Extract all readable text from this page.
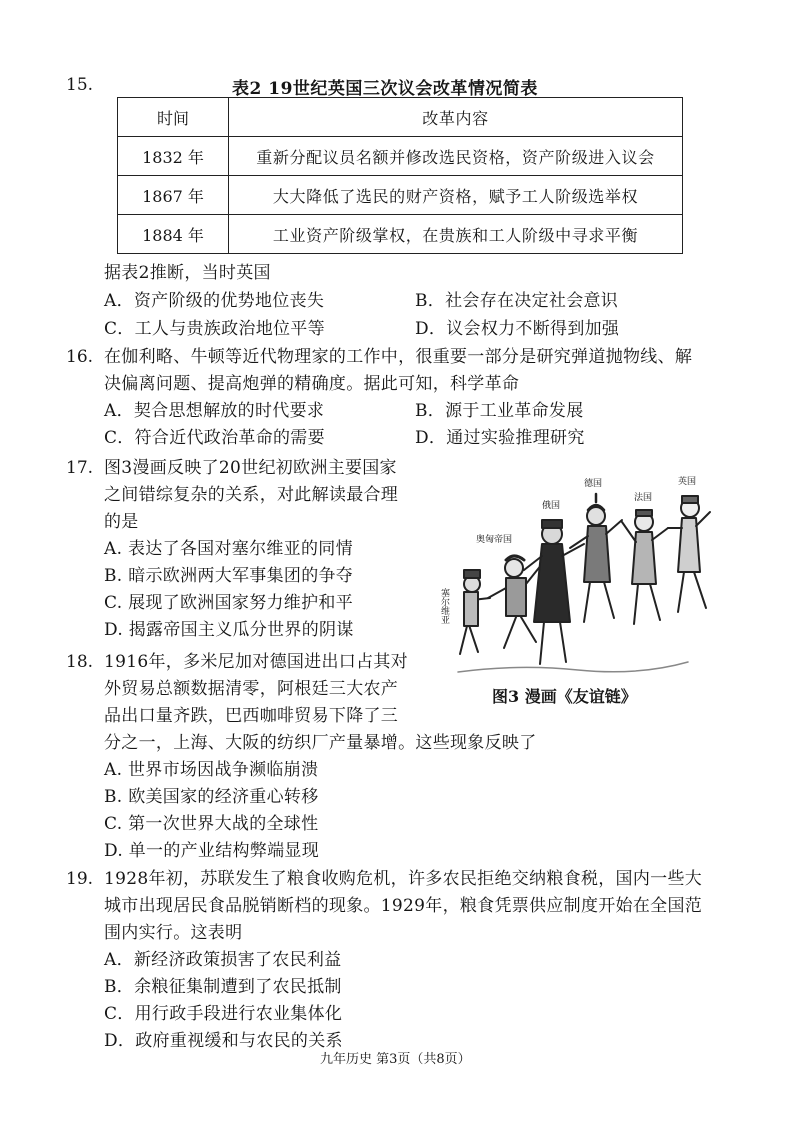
15.	表2 19世纪英国三次议会改革情况简表
时间	改革内容
1832 年	重新分配议员名额并修改选民资格，资产阶级进入议会
1867 年	大大降低了选民的财产资格，赋予工人阶级选举权
1884 年	工业资产阶级掌权，在贵族和工人阶级中寻求平衡
据表2推断，当时英国
A．资产阶级的优势地位丧失	B．社会存在决定社会意识
C．工人与贵族政治地位平等	D．议会权力不断得到加强
16. 在伽利略、牛顿等近代物理家的工作中，很重要一部分是研究弹道抛物线、解
决偏离问题、提高炮弹的精确度。据此可知，科学革命
A．契合思想解放的时代要求	B．源于工业革命发展
C．符合近代政治革命的需要	D．通过实验推理研究
17. 图3漫画反映了20世纪初欧洲主要国家
之间错综复杂的关系，对此解读最合理
的是
A. 表达了各国对塞尔维亚的同情
B. 暗示欧洲两大军事集团的争夺
C. 展现了欧洲国家努力维护和平
D. 揭露帝国主义瓜分世界的阴谋
奥匈帝国
俄国
德国
法国
英国
塞尔维亚
图3 漫画《友谊链》
18. 1916年，多米尼加对德国进出口占其对
外贸易总额数据清零，阿根廷三大农产
品出口量齐跌，巴西咖啡贸易下降了三
分之一，上海、大阪的纺织厂产量暴增。这些现象反映了
A. 世界市场因战争濒临崩溃
B. 欧美国家的经济重心转移
C. 第一次世界大战的全球性
D. 单一的产业结构弊端显现
19. 1928年初，苏联发生了粮食收购危机，许多农民拒绝交纳粮食税，国内一些大
城市出现居民食品脱销断档的现象。1929年，粮食凭票供应制度开始在全国范
围内实行。这表明
A．新经济政策损害了农民利益
B．余粮征集制遭到了农民抵制
C．用行政手段进行农业集体化
D．政府重视缓和与农民的关系
九年历史 第3页（共8页）
